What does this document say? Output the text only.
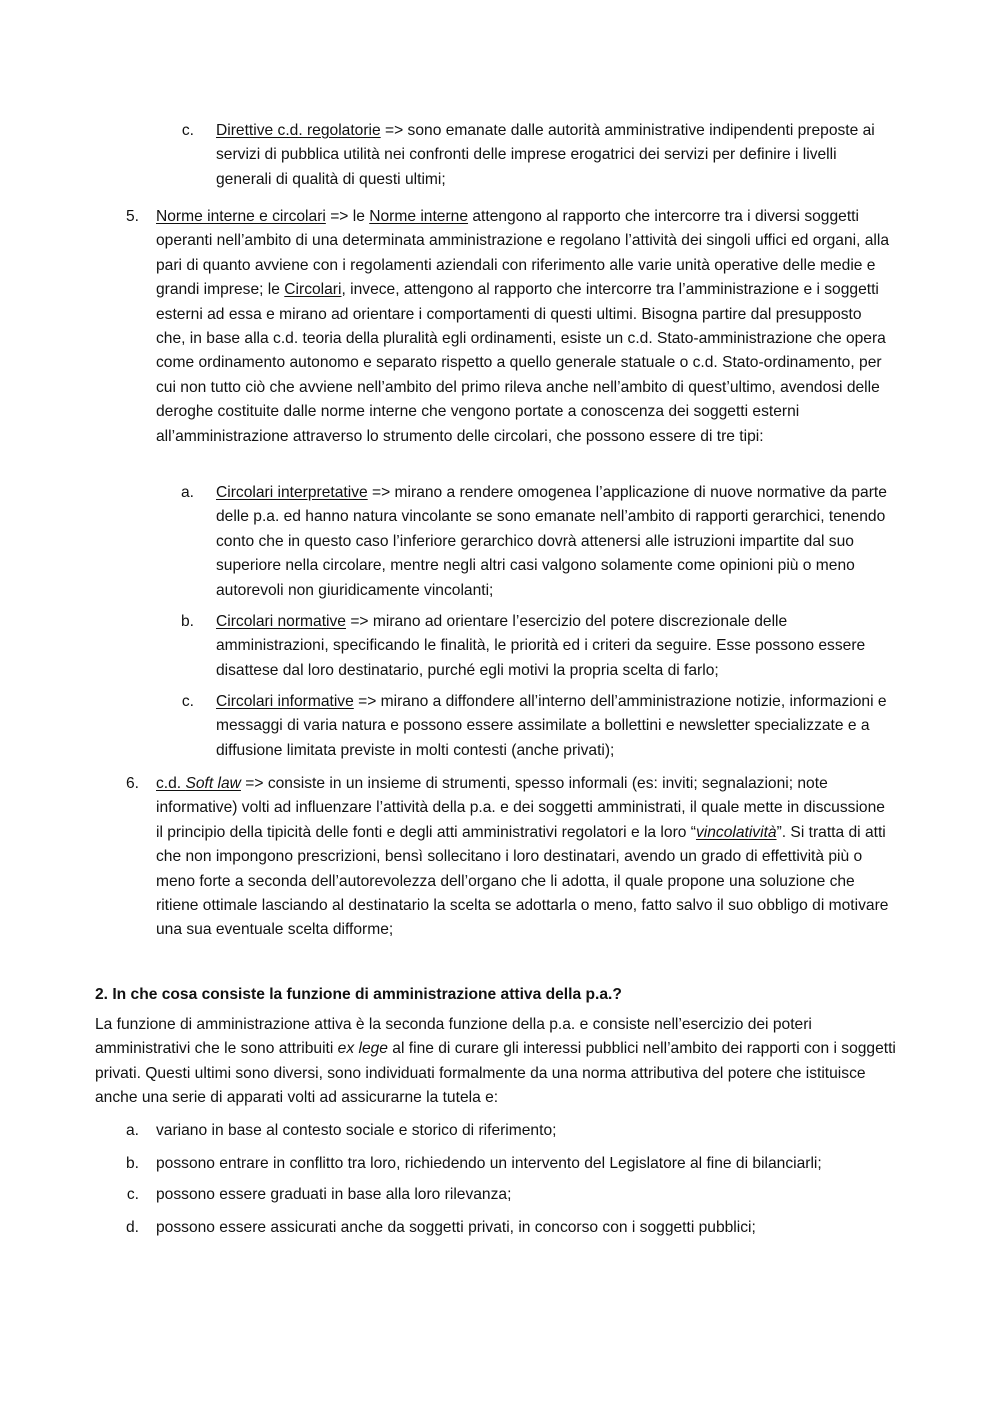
c. Direttive c.d. regolatorie => sono emanate dalle autorità amministrative indipendenti preposte ai servizi di pubblica utilità nei confronti delle imprese erogatrici dei servizi per definire i livelli generali di qualità di questi ultimi;
5. Norme interne e circolari => le Norme interne attengono al rapporto che intercorre tra i diversi soggetti operanti nell’ambito di una determinata amministrazione e regolano l’attività dei singoli uffici ed organi, alla pari di quanto avviene con i regolamenti aziendali con riferimento alle varie unità operative delle medie e grandi imprese; le Circolari, invece, attengono al rapporto che intercorre tra l’amministrazione e i soggetti esterni ad essa e mirano ad orientare i comportamenti di questi ultimi. Bisogna partire dal presupposto che, in base alla c.d. teoria della pluralità egli ordinamenti, esiste un c.d. Stato-amministrazione che opera come ordinamento autonomo e separato rispetto a quello generale statuale o c.d. Stato-ordinamento, per cui non tutto ciò che avviene nell’ambito del primo rileva anche nell’ambito di quest’ultimo, avendosi delle deroghe costituite dalle norme interne che vengono portate a conoscenza dei soggetti esterni all’amministrazione attraverso lo strumento delle circolari, che possono essere di tre tipi:
a. Circolari interpretative => mirano a rendere omogenea l’applicazione di nuove normative da parte delle p.a. ed hanno natura vincolante se sono emanate nell’ambito di rapporti gerarchici, tenendo conto che in questo caso l’inferiore gerarchico dovrà attenersi alle istruzioni impartite dal suo superiore nella circolare, mentre negli altri casi valgono solamente come opinioni più o meno autorevoli non giuridicamente vincolanti;
b. Circolari normative => mirano ad orientare l’esercizio del potere discrezionale delle amministrazioni, specificando le finalità, le priorità ed i criteri da seguire. Esse possono essere disattese dal loro destinatario, purché egli motivi la propria scelta di farlo;
c. Circolari informative => mirano a diffondere all’interno dell’amministrazione notizie, informazioni e messaggi di varia natura e possono essere assimilate a bollettini e newsletter specializzate e a diffusione limitata previste in molti contesti (anche privati);
6. c.d. Soft law => consiste in un insieme di strumenti, spesso informali (es: inviti; segnalazioni; note informative) volti ad influenzare l’attività della p.a. e dei soggetti amministrati, il quale mette in discussione il principio della tipicità delle fonti e degli atti amministrativi regolatori e la loro “vincolatività”. Si tratta di atti che non impongono prescrizioni, bensì sollecitano i loro destinatari, avendo un grado di effettività più o meno forte a seconda dell’autorevolezza dell’organo che li adotta, il quale propone una soluzione che ritiene ottimale lasciando al destinatario la scelta se adottarla o meno, fatto salvo il suo obbligo di motivare una sua eventuale scelta difforme;
2. In che cosa consiste la funzione di amministrazione attiva della p.a.?
La funzione di amministrazione attiva è la seconda funzione della p.a. e consiste nell’esercizio dei poteri amministrativi che le sono attribuiti ex lege al fine di curare gli interessi pubblici nell’ambito dei rapporti con i soggetti privati. Questi ultimi sono diversi, sono individuati formalmente da una norma attributiva del potere che istituisce anche una serie di apparati volti ad assicurarne la tutela e:
a. variano in base al contesto sociale e storico di riferimento;
b. possono entrare in conflitto tra loro, richiedendo un intervento del Legislatore al fine di bilanciarli;
c. possono essere graduati in base alla loro rilevanza;
d. possono essere assicurati anche da soggetti privati, in concorso con i soggetti pubblici;
